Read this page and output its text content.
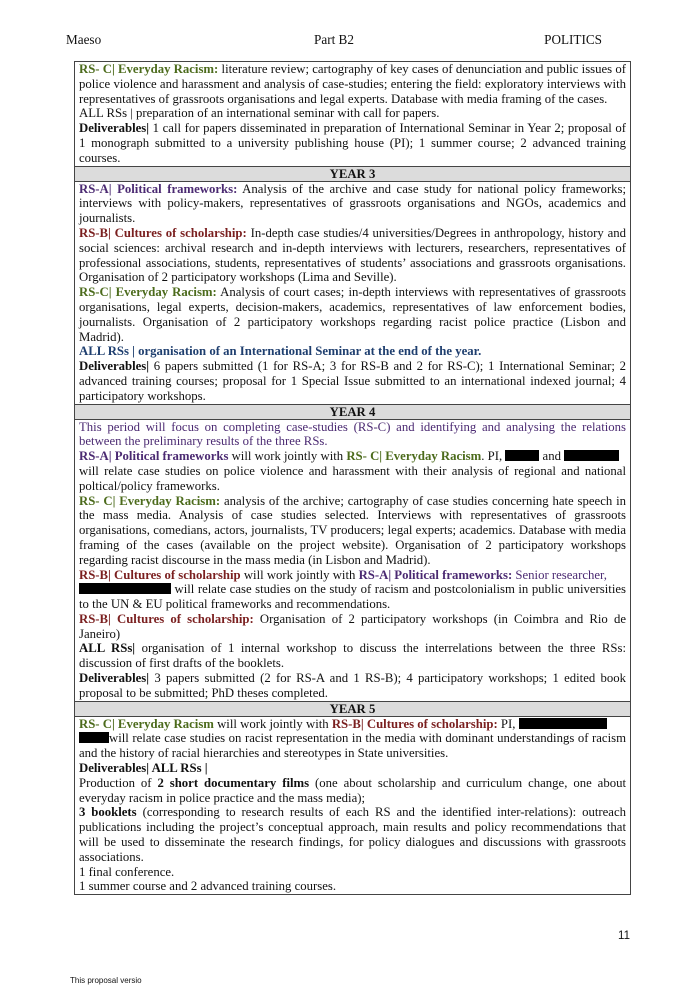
Maeso	Part B2	POLITICS

RS- C| Everyday Racism: literature review; cartography of key cases of denunciation and public issues of police violence and harassment and analysis of case-studies; entering the field: exploratory interviews with representatives of grassroots organisations and legal experts. Database with media framing of the cases.

ALL RSs | preparation of an international seminar with call for papers.

Deliverables| 1 call for papers disseminated in preparation of International Seminar in Year 2; proposal of 1 monograph submitted to a university publishing house (PI); 1 summer course; 2 advanced training courses.

YEAR 3

RS-A| Political frameworks: Analysis of the archive and case study for national policy frameworks; interviews with policy-makers, representatives of grassroots organisations and NGOs, academics and journalists.

RS-B| Cultures of scholarship: In-depth case studies/4 universities/Degrees in anthropology, history and social sciences: archival research and in-depth interviews with lecturers, researchers, representatives of professional associations, students, representatives of students’ associations and grassroots organisations. Organisation of 2 participatory workshops (Lima and Seville).

RS-C| Everyday Racism: Analysis of court cases; in-depth interviews with representatives of grassroots organisations, legal experts, decision-makers, academics, representatives of law enforcement bodies, journalists. Organisation of 2 participatory workshops regarding racist police practice (Lisbon and Madrid).

ALL RSs | organisation of an International Seminar at the end of the year.

Deliverables| 6 papers submitted (1 for RS-A; 3 for RS-B and 2 for RS-C); 1 International Seminar; 2 advanced training courses; proposal for 1 Special Issue submitted to an international indexed journal; 4 participatory workshops.

YEAR 4

This period will focus on completing case-studies (RS-C) and identifying and analysing the relations between the preliminary results of the three RSs.

RS-A| Political frameworks will work jointly with RS- C| Everyday Racism. PI,	and
will relate case studies on police violence and harassment with their analysis of regional and national poltical/policy frameworks.

RS- C| Everyday Racism: analysis of the archive; cartography of case studies concerning hate speech in the mass media. Analysis of case studies selected. Interviews with representatives of grassroots organisations, comedians, actors, journalists, TV producers; legal experts; academics. Database with media framing of the cases (available on the project website). Organisation of 2 participatory workshops regarding racist discourse in the mass media (in Lisbon and Madrid).

RS-B| Cultures of scholarship will work jointly with RS-A| Political frameworks: Senior researcher,
will relate case studies on the study of racism and postcolonialism in public universities to the UN & EU political frameworks and recommendations.

RS-B| Cultures of scholarship: Organisation of 2 participatory workshops (in Coimbra and Rio de Janeiro)

ALL RSs| organisation of 1 internal workshop to discuss the interrelations between the three RSs: discussion of first drafts of the booklets.

Deliverables| 3 papers submitted (2 for RS-A and 1 RS-B); 4 participatory workshops; 1 edited book proposal to be submitted; PhD theses completed.

YEAR 5

RS- C| Everyday Racism will work jointly with RS-B| Cultures of scholarship: PI,
will relate case studies on racist representation in the media with dominant understandings of racism and the history of racial hierarchies and stereotypes in State universities.

Deliverables| ALL RSs |

Production of 2 short documentary films (one about scholarship and curriculum change, one about everyday racism in police practice and the mass media);

3 booklets (corresponding to research results of each RS and the identified inter-relations): outreach publications including the project’s conceptual approach, main results and policy recommendations that will be used to disseminate the research findings, for policy dialogues and discussions with grassroots associations.

1 final conference.

1 summer course and 2 advanced training courses.

11
This proposal versio
